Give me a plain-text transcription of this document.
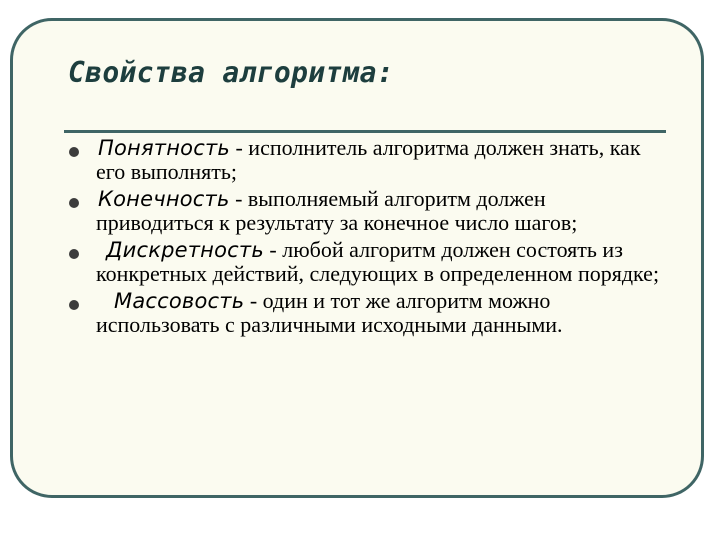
Свойства алгоритма:
Понятность - исполнитель алгоритма должен знать, как его выполнять;
Конечность - выполняемый алгоритм должен приводиться к результату за конечное число шагов;
Дискретность - любой алгоритм должен состоять из конкретных действий, следующих в определенном порядке;
Массовость - один и тот же алгоритм можно использовать с различными исходными данными.
